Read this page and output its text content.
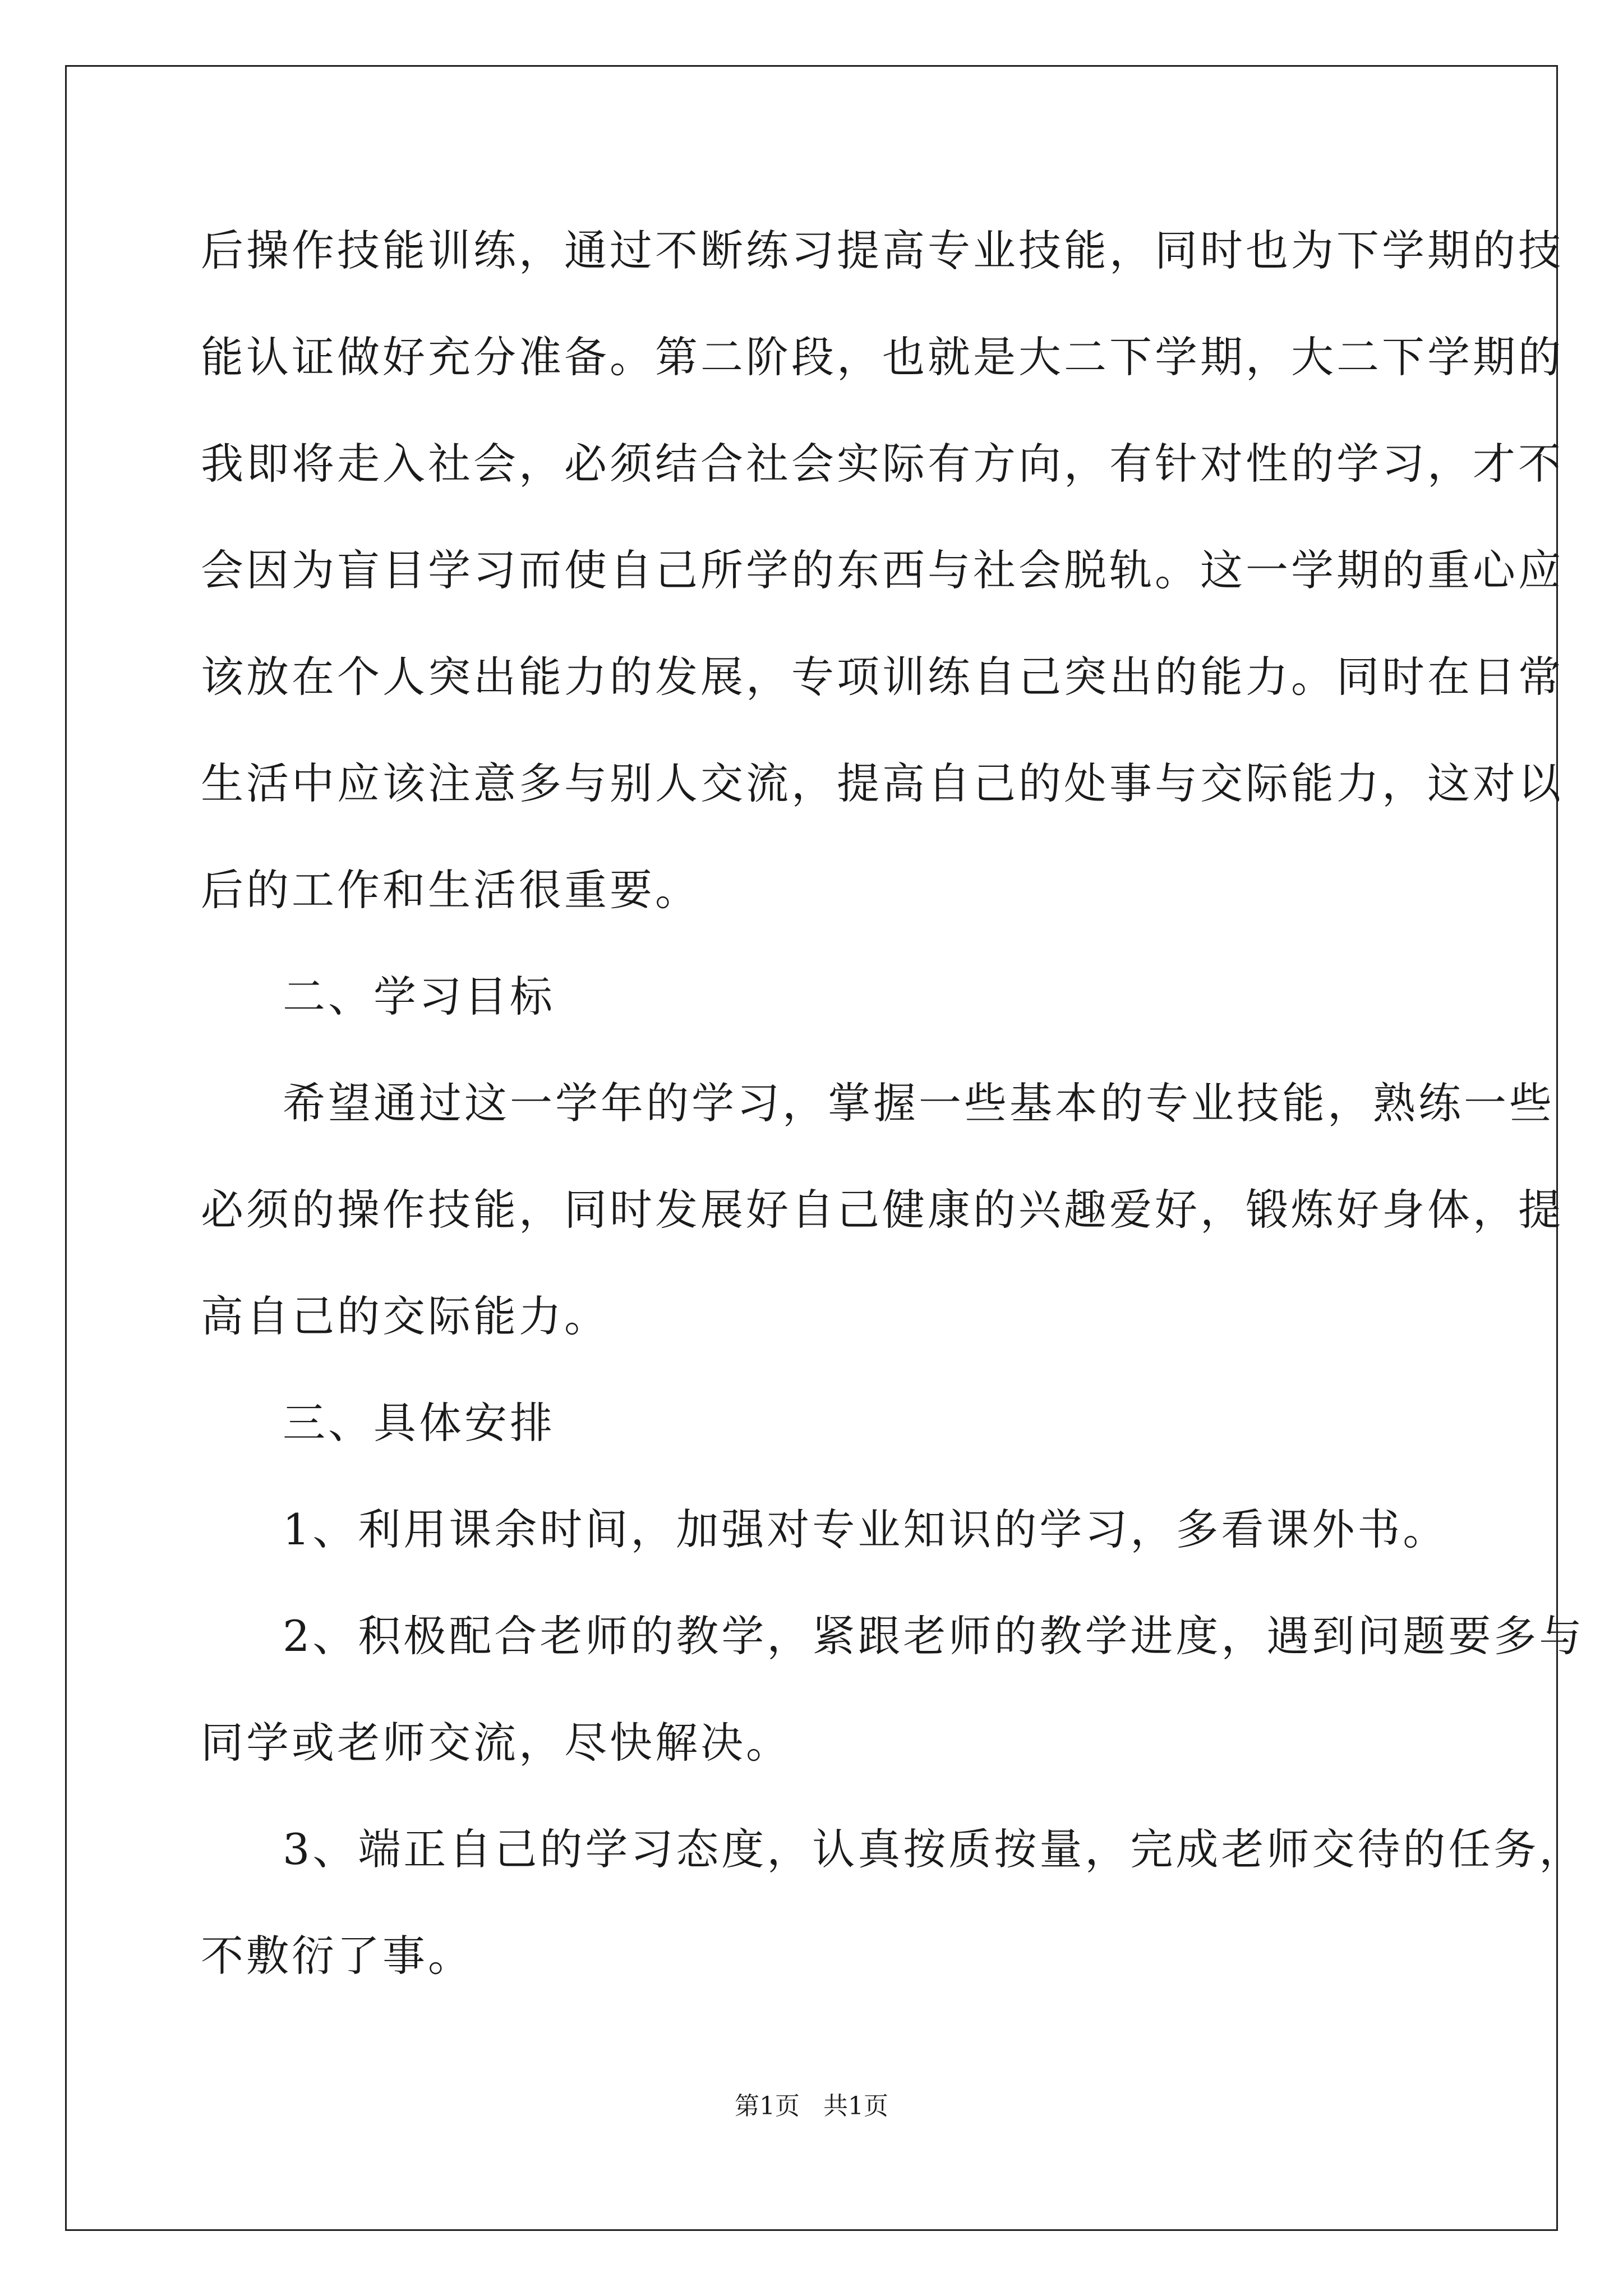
后操作技能训练，通过不断练习提高专业技能，同时也为下学期的技
能认证做好充分准备。第二阶段，也就是大二下学期，大二下学期的
我即将走入社会，必须结合社会实际有方向，有针对性的学习，才不
会因为盲目学习而使自己所学的东西与社会脱轨。这一学期的重心应
该放在个人突出能力的发展，专项训练自己突出的能力。同时在日常
生活中应该注意多与别人交流，提高自己的处事与交际能力，这对以
后的工作和生活很重要。
二、学习目标
希望通过这一学年的学习，掌握一些基本的专业技能，熟练一些
必须的操作技能，同时发展好自己健康的兴趣爱好，锻炼好身体，提
高自己的交际能力。
三、具体安排
1、利用课余时间，加强对专业知识的学习，多看课外书。
2、积极配合老师的教学，紧跟老师的教学进度，遇到问题要多与
同学或老师交流，尽快解决。
3、端正自己的学习态度，认真按质按量，完成老师交待的任务，
不敷衍了事。
第1页   共1页
